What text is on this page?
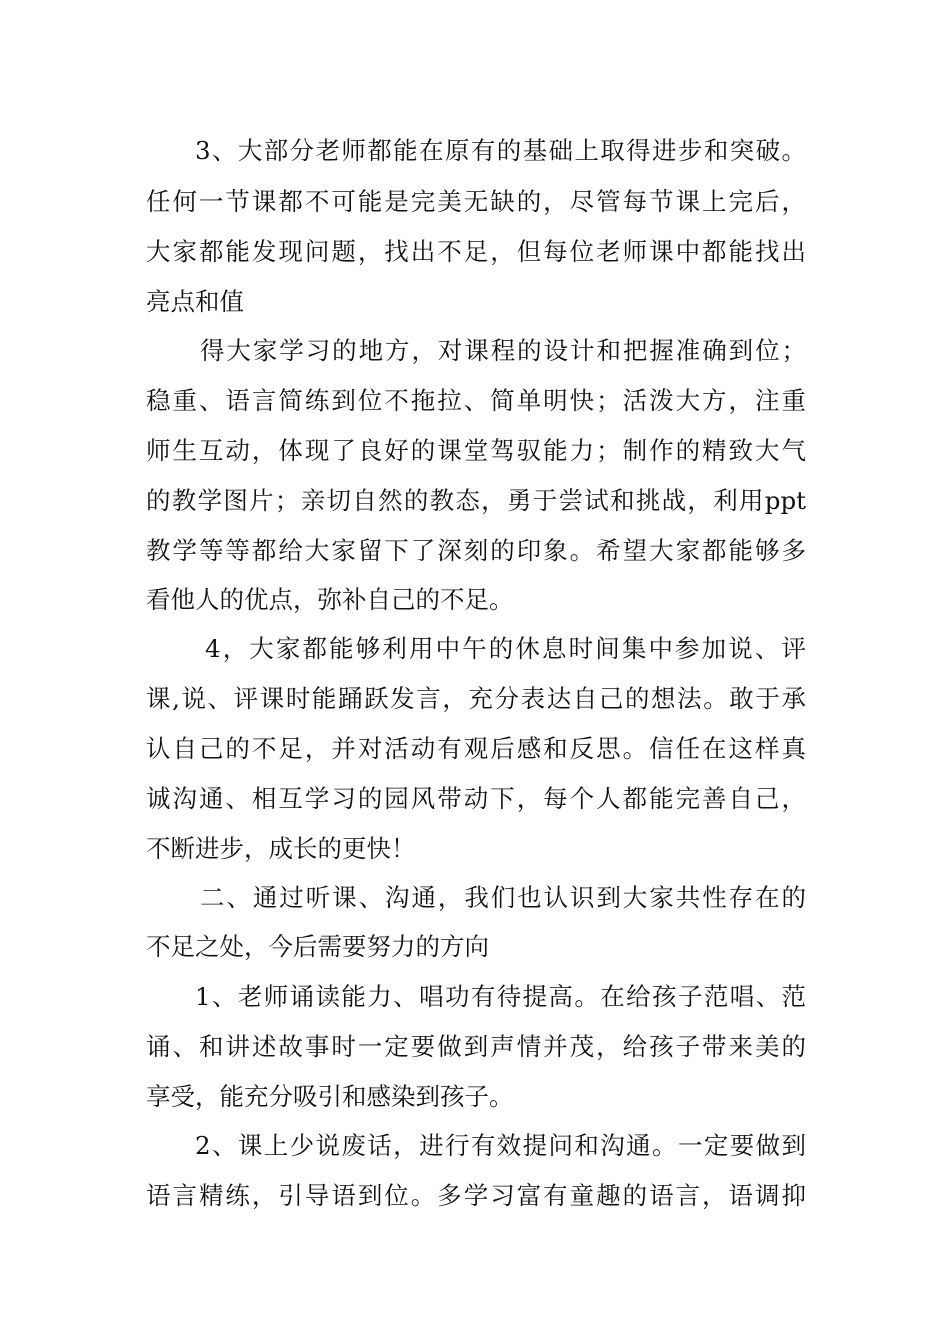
3、大部分老师都能在原有的基础上取得进步和突破。
任何一节课都不可能是完美无缺的，尽管每节课上完后，
大家都能发现问题，找出不足，但每位老师课中都能找出
亮点和值
得大家学习的地方，对课程的设计和把握准确到位；
稳重、语言简练到位不拖拉、简单明快；活泼大方，注重
师生互动，体现了良好的课堂驾驭能力；制作的精致大气
的教学图片；亲切自然的教态，勇于尝试和挑战，利用ppt
教学等等都给大家留下了深刻的印象。希望大家都能够多
看他人的优点，弥补自己的不足。
4，大家都能够利用中午的休息时间集中参加说、评
课,说、评课时能踊跃发言，充分表达自己的想法。敢于承
认自己的不足，并对活动有观后感和反思。信任在这样真
诚沟通、相互学习的园风带动下，每个人都能完善自己，
不断进步，成长的更快！
二、通过听课、沟通，我们也认识到大家共性存在的
不足之处，今后需要努力的方向
1、老师诵读能力、唱功有待提高。在给孩子范唱、范
诵、和讲述故事时一定要做到声情并茂，给孩子带来美的
享受，能充分吸引和感染到孩子。
2、课上少说废话，进行有效提问和沟通。一定要做到
语言精练，引导语到位。多学习富有童趣的语言，语调抑
